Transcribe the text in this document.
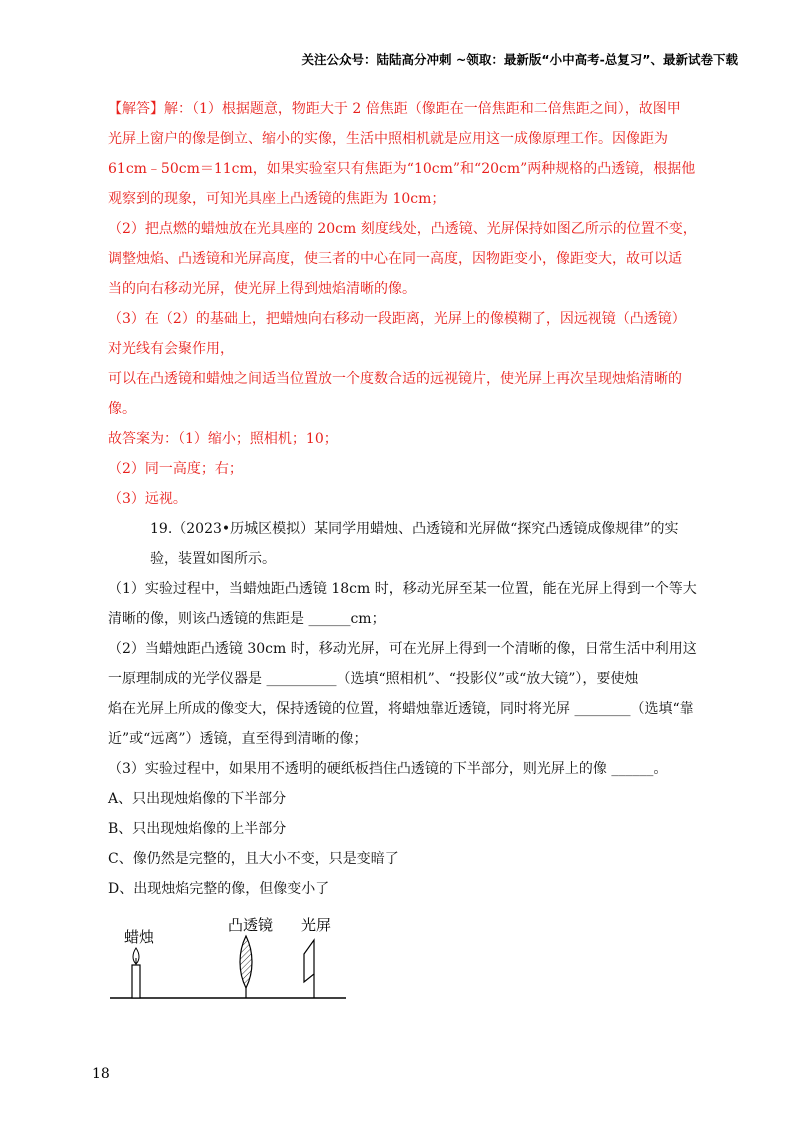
关注公众号：陆陆高分冲刺 ~领取：最新版“小中高考-总复习”、最新试卷下载
【解答】解：（1）根据题意，物距大于 2 倍焦距（像距在一倍焦距和二倍焦距之间），故图甲
光屏上窗户的像是倒立、缩小的实像，生活中照相机就是应用这一成像原理工作。因像距为
61cm﹣50cm＝11cm，如果实验室只有焦距为“10cm”和“20cm”两种规格的凸透镜，根据他
观察到的现象，可知光具座上凸透镜的焦距为 10cm；
（2）把点燃的蜡烛放在光具座的 20cm 刻度线处，凸透镜、光屏保持如图乙所示的位置不变，
调整烛焰、凸透镜和光屏高度，使三者的中心在同一高度，因物距变小，像距变大，故可以适
当的向右移动光屏，使光屏上得到烛焰清晰的像。
（3）在（2）的基础上，把蜡烛向右移动一段距离，光屏上的像模糊了，因远视镜（凸透镜）
对光线有会聚作用，
可以在凸透镜和蜡烛之间适当位置放一个度数合适的远视镜片，使光屏上再次呈现烛焰清晰的
像。
故答案为：（1）缩小；照相机；10；
（2）同一高度；右；
（3）远视。
19.（2023•历城区模拟）某同学用蜡烛、凸透镜和光屏做“探究凸透镜成像规律”的实
验，装置如图所示。
（1）实验过程中，当蜡烛距凸透镜 18cm 时，移动光屏至某一位置，能在光屏上得到一个等大
清晰的像，则该凸透镜的焦距是 ______cm；
（2）当蜡烛距凸透镜 30cm 时，移动光屏，可在光屏上得到一个清晰的像，日常生活中利用这
一原理制成的光学仪器是 __________（选填“照相机”、“投影仪”或“放大镜”），要使烛
焰在光屏上所成的像变大，保持透镜的位置，将蜡烛靠近透镜，同时将光屏 ________（选填“靠
近”或“远离”）透镜，直至得到清晰的像；
（3）实验过程中，如果用不透明的硬纸板挡住凸透镜的下半部分，则光屏上的像 ______。
A、只出现烛焰像的下半部分
B、只出现烛焰像的上半部分
C、像仍然是完整的，且大小不变，只是变暗了
D、出现烛焰完整的像，但像变小了
蜡烛
凸透镜 光屏
18
